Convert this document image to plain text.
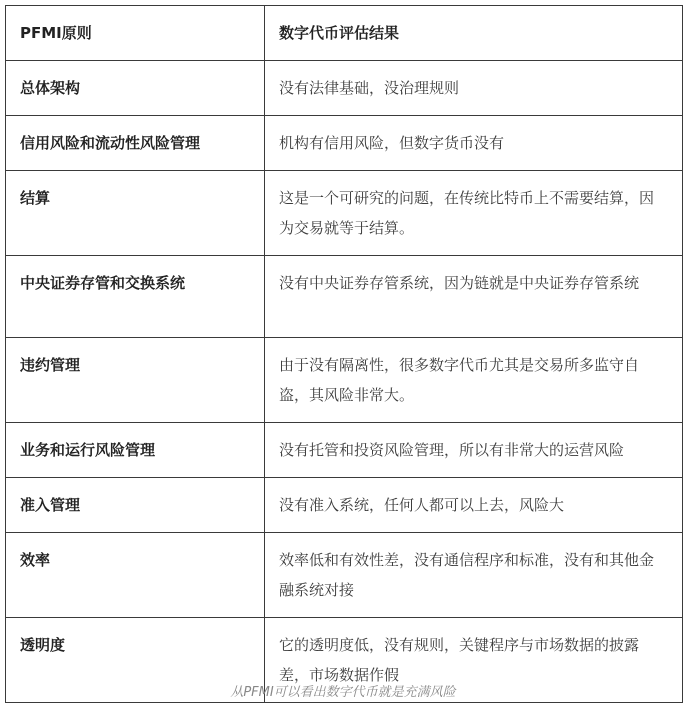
PFMI原则	数字代币评估结果
总体架构	没有法律基础，没治理规则
信用风险和流动性风险管理	机构有信用风险，但数字货币没有
结算	这是一个可研究的问题，在传统比特币上不需要结算，因为交易就等于结算。
中央证券存管和交换系统	没有中央证券存管系统，因为链就是中央证券存管系统
违约管理	由于没有隔离性，很多数字代币尤其是交易所多监守自盗，其风险非常大。
业务和运行风险管理	没有托管和投资风险管理，所以有非常大的运营风险
准入管理	没有准入系统，任何人都可以上去，风险大
效率	效率低和有效性差，没有通信程序和标准，没有和其他金融系统对接
透明度	它的透明度低，没有规则，关键程序与市场数据的披露差，市场数据作假
从PFMI可以看出数字代币就是充满风险
